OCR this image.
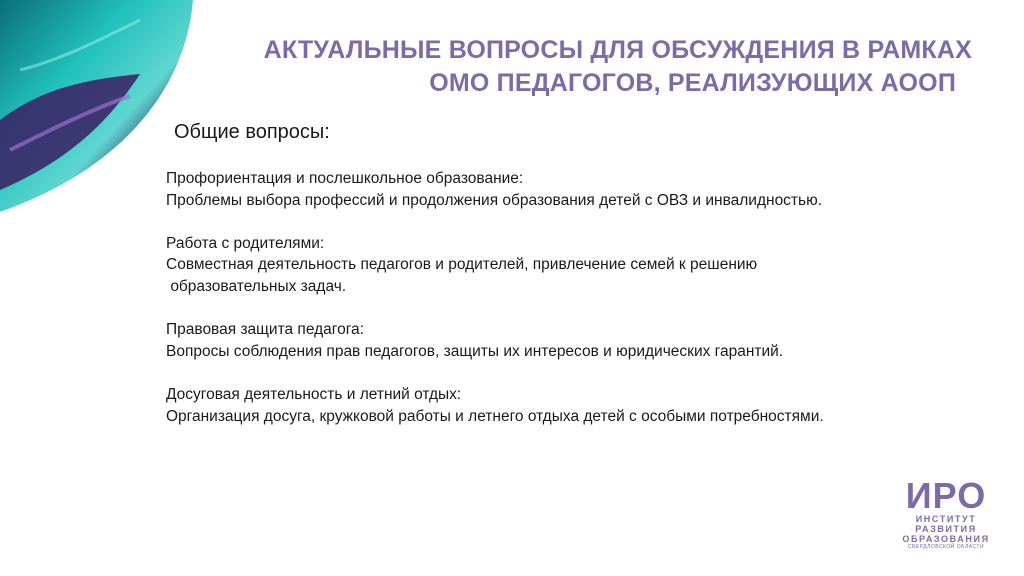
АКТУАЛЬНЫЕ ВОПРОСЫ ДЛЯ ОБСУЖДЕНИЯ В РАМКАХ
ОМО ПЕДАГОГОВ, РЕАЛИЗУЮЩИХ АООП
Общие вопросы:
Профориентация и послешкольное образование:
Проблемы выбора профессий и продолжения образования детей с ОВЗ и инвалидностью.
Работа с родителями:
Совместная деятельность педагогов и родителей, привлечение семей к решению
образовательных задач.
Правовая защита педагога:
Вопросы соблюдения прав педагогов, защиты их интересов и юридических гарантий.
Досуговая деятельность и летний отдых:
Организация досуга, кружковой работы и летнего отдыха детей с особыми потребностями.
ИРО
ИНСТИТУТ
РАЗВИТИЯ
ОБРАЗОВАНИЯ
СВЕРДЛОВСКОЙ ОБЛАСТИ
